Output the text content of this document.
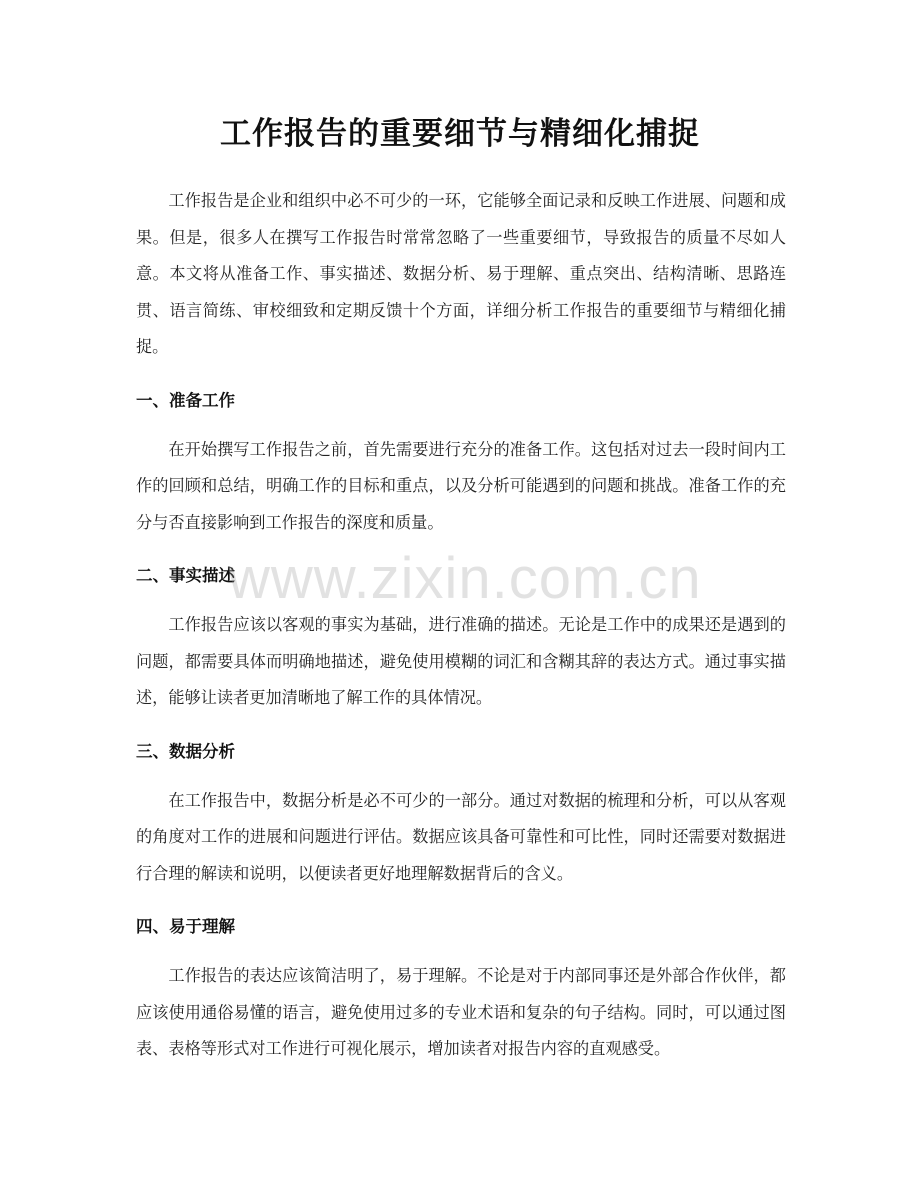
工作报告的重要细节与精细化捕捉

工作报告是企业和组织中必不可少的一环，它能够全面记录和反映工作进展、问题和成果。但是，很多人在撰写工作报告时常常忽略了一些重要细节，导致报告的质量不尽如人意。本文将从准备工作、事实描述、数据分析、易于理解、重点突出、结构清晰、思路连贯、语言简练、审校细致和定期反馈十个方面，详细分析工作报告的重要细节与精细化捕捉。

一、准备工作

在开始撰写工作报告之前，首先需要进行充分的准备工作。这包括对过去一段时间内工作的回顾和总结，明确工作的目标和重点，以及分析可能遇到的问题和挑战。准备工作的充分与否直接影响到工作报告的深度和质量。

二、事实描述

工作报告应该以客观的事实为基础，进行准确的描述。无论是工作中的成果还是遇到的问题，都需要具体而明确地描述，避免使用模糊的词汇和含糊其辞的表达方式。通过事实描述，能够让读者更加清晰地了解工作的具体情况。

三、数据分析

在工作报告中，数据分析是必不可少的一部分。通过对数据的梳理和分析，可以从客观的角度对工作的进展和问题进行评估。数据应该具备可靠性和可比性，同时还需要对数据进行合理的解读和说明，以便读者更好地理解数据背后的含义。

四、易于理解

工作报告的表达应该简洁明了，易于理解。不论是对于内部同事还是外部合作伙伴，都应该使用通俗易懂的语言，避免使用过多的专业术语和复杂的句子结构。同时，可以通过图表、表格等形式对工作进行可视化展示，增加读者对报告内容的直观感受。

www.zixin.com.cn
